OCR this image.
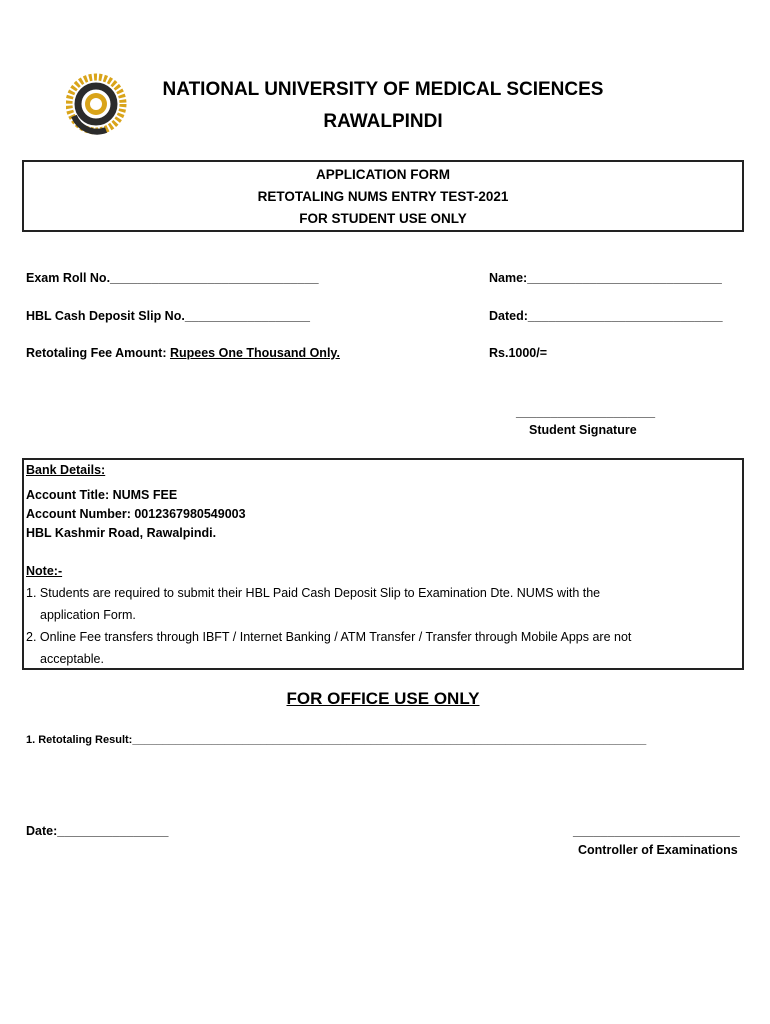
NATIONAL UNIVERSITY OF MEDICAL SCIENCES
RAWALPINDI
APPLICATION FORM
RETOTALING NUMS ENTRY TEST-2021
FOR STUDENT USE ONLY
Exam Roll No.______________________________	Name:____________________________
HBL Cash Deposit Slip No.__________________	Dated:____________________________
Retotaling Fee Amount: Rupees One Thousand Only.	Rs.1000/=
____________________
Student Signature
Bank Details:
Account Title: NUMS FEE
Account Number: 0012367980549003
HBL Kashmir Road, Rawalpindi.
Note:-
1. Students are required to submit their HBL Paid Cash Deposit Slip to Examination Dte. NUMS with the
application Form.
2. Online Fee transfers through IBFT / Internet Banking / ATM Transfer / Transfer through Mobile Apps are not
acceptable.
FOR OFFICE USE ONLY
1. Retotaling Result:____________________________________________________________________________________
Date:________________	________________________
Controller of Examinations
